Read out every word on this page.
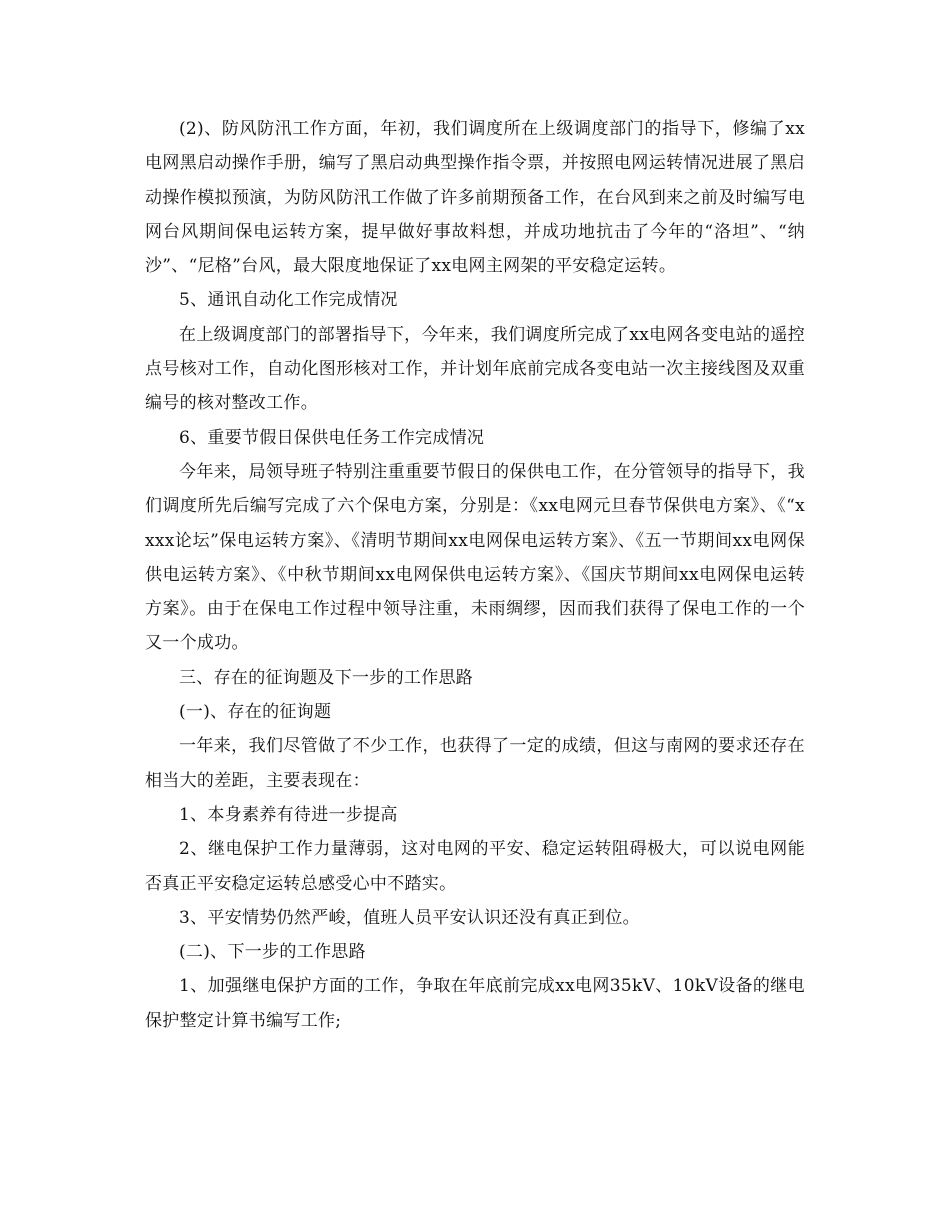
(2)、防风防汛工作方面，年初，我们调度所在上级调度部门的指导下，修编了xx电网黑启动操作手册，编写了黑启动典型操作指令票，并按照电网运转情况进展了黑启动操作模拟预演，为防风防汛工作做了许多前期预备工作，在台风到来之前及时编写电网台风期间保电运转方案，提早做好事故料想，并成功地抗击了今年的“洛坦”、“纳沙”、“尼格”台风，最大限度地保证了xx电网主网架的平安稳定运转。

5、通讯自动化工作完成情况

在上级调度部门的部署指导下，今年来，我们调度所完成了xx电网各变电站的遥控点号核对工作，自动化图形核对工作，并计划年底前完成各变电站一次主接线图及双重编号的核对整改工作。

6、重要节假日保供电任务工作完成情况

今年来，局领导班子特别注重重要节假日的保供电工作，在分管领导的指导下，我们调度所先后编写完成了六个保电方案，分别是：《xx电网元旦春节保供电方案》、《“xxxx论坛”保电运转方案》、《清明节期间xx电网保电运转方案》、《五一节期间xx电网保供电运转方案》、《中秋节期间xx电网保供电运转方案》、《国庆节期间xx电网保电运转方案》。由于在保电工作过程中领导注重，未雨绸缪，因而我们获得了保电工作的一个又一个成功。

三、存在的征询题及下一步的工作思路

(一)、存在的征询题

一年来，我们尽管做了不少工作，也获得了一定的成绩，但这与南网的要求还存在相当大的差距，主要表现在：

1、本身素养有待进一步提高

2、继电保护工作力量薄弱，这对电网的平安、稳定运转阻碍极大，可以说电网能否真正平安稳定运转总感受心中不踏实。

3、平安情势仍然严峻，值班人员平安认识还没有真正到位。

(二)、下一步的工作思路

1、加强继电保护方面的工作，争取在年底前完成xx电网35kV、10kV设备的继电保护整定计算书编写工作;
